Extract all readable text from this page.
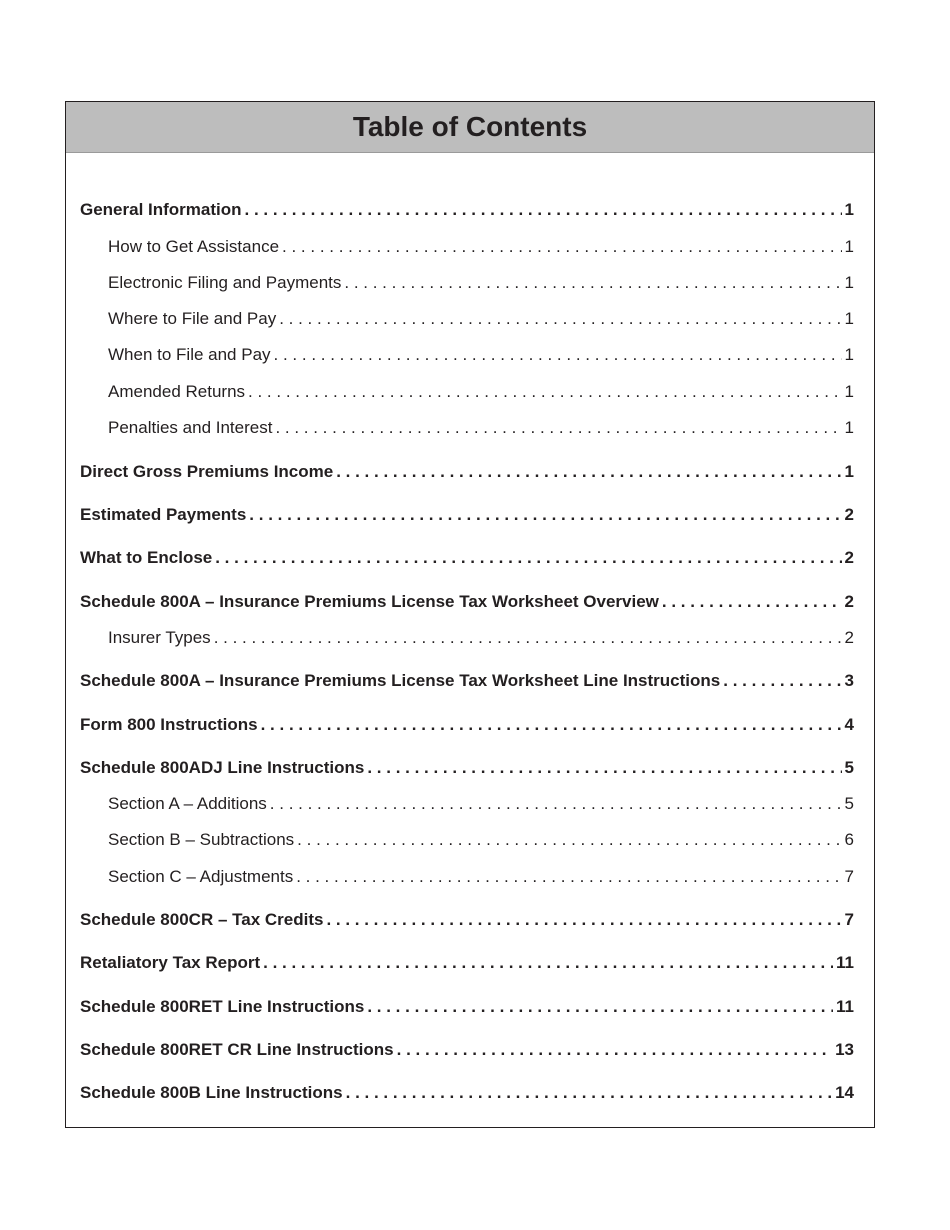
Table of Contents
General Information . . .	1
How to Get Assistance . . .	1
Electronic Filing and Payments . . .	1
Where to File and Pay . . .	1
When to File and Pay . . .	1
Amended Returns . . .	1
Penalties and Interest . . .	1
Direct Gross Premiums Income . . .	1
Estimated Payments . . .	2
What to Enclose . . .	2
Schedule 800A – Insurance Premiums License Tax Worksheet Overview . . .	2
Insurer Types . . .	2
Schedule 800A – Insurance Premiums License Tax Worksheet Line Instructions . . .	3
Form 800 Instructions . . .	4
Schedule 800ADJ Line Instructions . . .	5
Section A – Additions . . .	5
Section B – Subtractions . . .	6
Section C – Adjustments . . .	7
Schedule 800CR – Tax Credits . . .	7
Retaliatory Tax Report . . .	11
Schedule 800RET Line Instructions . . .	11
Schedule 800RET CR Line Instructions . . .	13
Schedule 800B Line Instructions . . .	14
